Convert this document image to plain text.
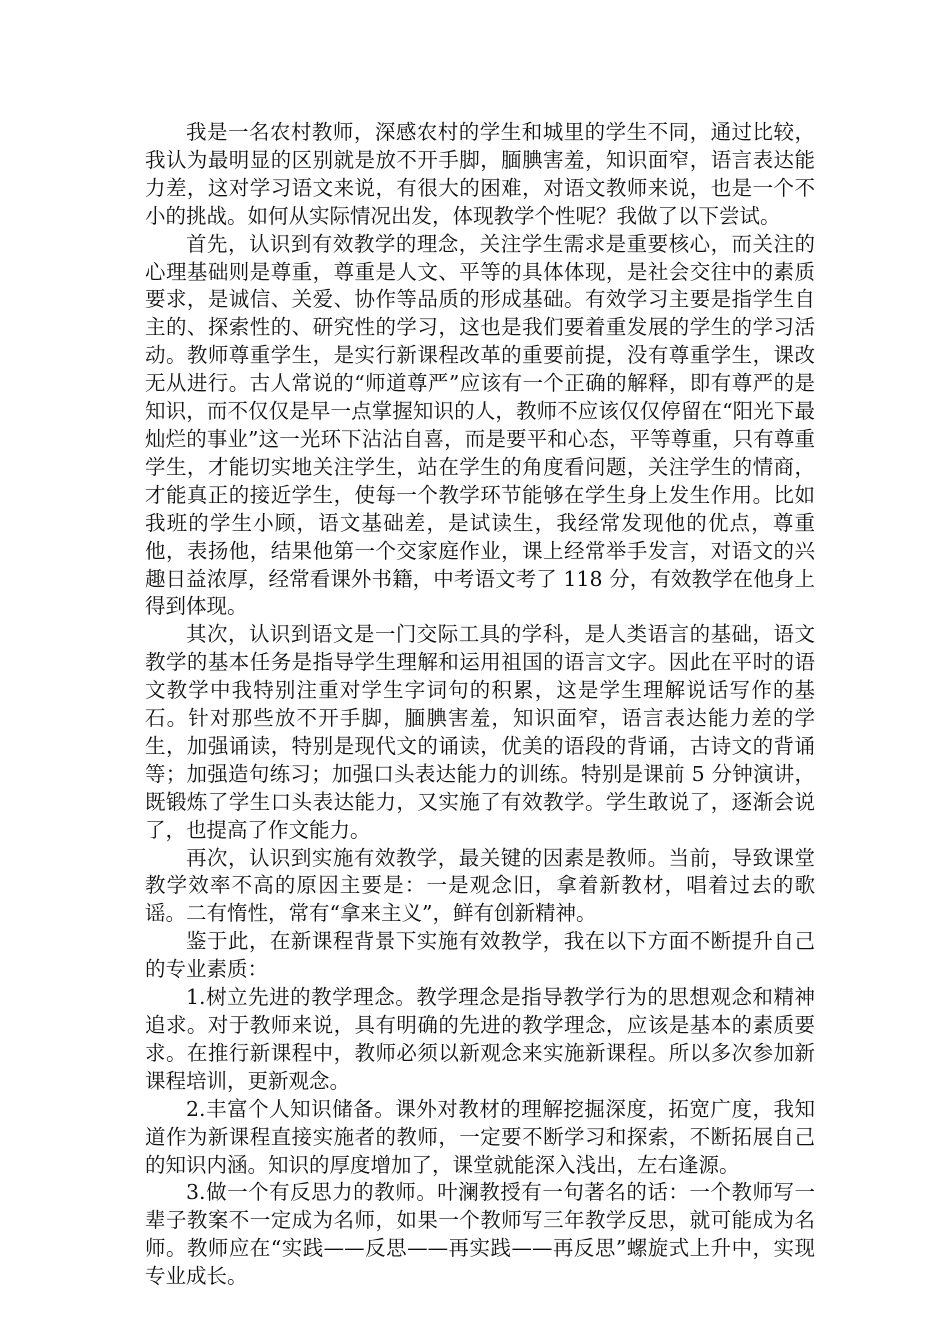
我是一名农村教师，深感农村的学生和城里的学生不同，通过比较，我认为最明显的区别就是放不开手脚，腼腆害羞，知识面窄，语言表达能力差，这对学习语文来说，有很大的困难，对语文教师来说，也是一个不小的挑战。如何从实际情况出发，体现教学个性呢？我做了以下尝试。

首先，认识到有效教学的理念，关注学生需求是重要核心，而关注的心理基础则是尊重，尊重是人文、平等的具体体现，是社会交往中的素质要求，是诚信、关爱、协作等品质的形成基础。有效学习主要是指学生自主的、探索性的、研究性的学习，这也是我们要着重发展的学生的学习活动。教师尊重学生，是实行新课程改革的重要前提，没有尊重学生，课改无从进行。古人常说的“师道尊严”应该有一个正确的解释，即有尊严的是知识，而不仅仅是早一点掌握知识的人，教师不应该仅仅停留在“阳光下最灿烂的事业”这一光环下沾沾自喜，而是要平和心态，平等尊重，只有尊重学生，才能切实地关注学生，站在学生的角度看问题，关注学生的情商，才能真正的接近学生，使每一个教学环节能够在学生身上发生作用。比如我班的学生小顾，语文基础差，是试读生，我经常发现他的优点，尊重他，表扬他，结果他第一个交家庭作业，课上经常举手发言，对语文的兴趣日益浓厚，经常看课外书籍，中考语文考了 118 分，有效教学在他身上得到体现。

其次，认识到语文是一门交际工具的学科，是人类语言的基础，语文教学的基本任务是指导学生理解和运用祖国的语言文字。因此在平时的语文教学中我特别注重对学生字词句的积累，这是学生理解说话写作的基石。针对那些放不开手脚，腼腆害羞，知识面窄，语言表达能力差的学生，加强诵读，特别是现代文的诵读，优美的语段的背诵，古诗文的背诵等；加强造句练习；加强口头表达能力的训练。特别是课前 5 分钟演讲，既锻炼了学生口头表达能力，又实施了有效教学。学生敢说了，逐渐会说了，也提高了作文能力。

再次，认识到实施有效教学，最关键的因素是教师。当前，导致课堂教学效率不高的原因主要是：一是观念旧，拿着新教材，唱着过去的歌谣。二有惰性，常有“拿来主义”，鲜有创新精神。

鉴于此，在新课程背景下实施有效教学，我在以下方面不断提升自己的专业素质：

1.树立先进的教学理念。教学理念是指导教学行为的思想观念和精神追求。对于教师来说，具有明确的先进的教学理念，应该是基本的素质要求。在推行新课程中，教师必须以新观念来实施新课程。所以多次参加新课程培训，更新观念。

2.丰富个人知识储备。课外对教材的理解挖掘深度，拓宽广度，我知道作为新课程直接实施者的教师，一定要不断学习和探索，不断拓展自己的知识内涵。知识的厚度增加了，课堂就能深入浅出，左右逢源。

3.做一个有反思力的教师。叶澜教授有一句著名的话：一个教师写一辈子教案不一定成为名师，如果一个教师写三年教学反思，就可能成为名师。教师应在“实践——反思——再实践——再反思”螺旋式上升中，实现专业成长。
